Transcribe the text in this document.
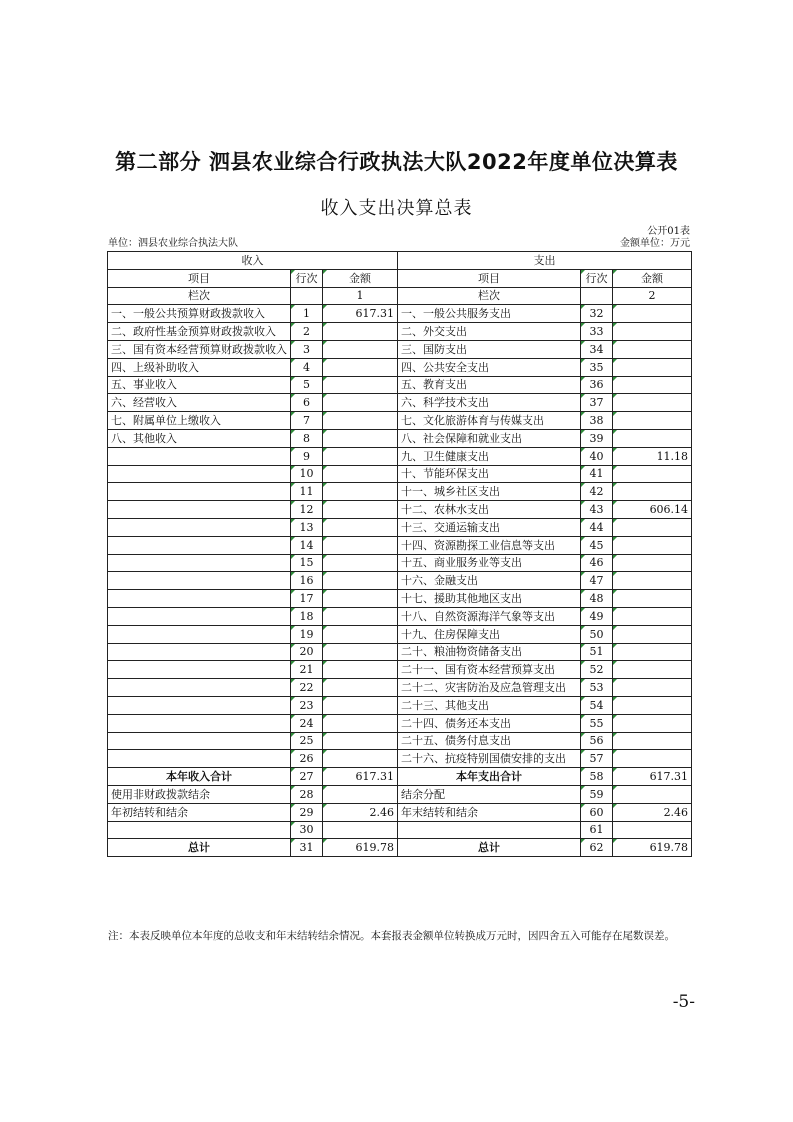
第二部分 泗县农业综合行政执法大队2022年度单位决算表
收入支出决算总表
公开01表
单位：泗县农业综合执法大队	金额单位：万元
收入			支出		
项目	行次	金额	项目	行次	金额
栏次		1	栏次		2
一、一般公共预算财政拨款收入	1	617.31	一、一般公共服务支出	32	
二、政府性基金预算财政拨款收入	2		二、外交支出	33	
三、国有资本经营预算财政拨款收入	3		三、国防支出	34	
四、上级补助收入	4		四、公共安全支出	35	
五、事业收入	5		五、教育支出	36	
六、经营收入	6		六、科学技术支出	37	
七、附属单位上缴收入	7		七、文化旅游体育与传媒支出	38	
八、其他收入	8		八、社会保障和就业支出	39	
	9		九、卫生健康支出	40	11.18
	10		十、节能环保支出	41	
	11		十一、城乡社区支出	42	
	12		十二、农林水支出	43	606.14
	13		十三、交通运输支出	44	
	14		十四、资源勘探工业信息等支出	45	
	15		十五、商业服务业等支出	46	
	16		十六、金融支出	47	
	17		十七、援助其他地区支出	48	
	18		十八、自然资源海洋气象等支出	49	
	19		十九、住房保障支出	50	
	20		二十、粮油物资储备支出	51	
	21		二十一、国有资本经营预算支出	52	
	22		二十二、灾害防治及应急管理支出	53	
	23		二十三、其他支出	54	
	24		二十四、债务还本支出	55	
	25		二十五、债务付息支出	56	
	26		二十六、抗疫特别国债安排的支出	57	
本年收入合计	27	617.31	本年支出合计	58	617.31
使用非财政拨款结余	28		结余分配	59	
年初结转和结余	29	2.46	年末结转和结余	60	2.46
	30			61	
总计	31	619.78	总计	62	619.78
注：本表反映单位本年度的总收支和年末结转结余情况。本套报表金额单位转换成万元时，因四舍五入可能存在尾数误差。
-5-
